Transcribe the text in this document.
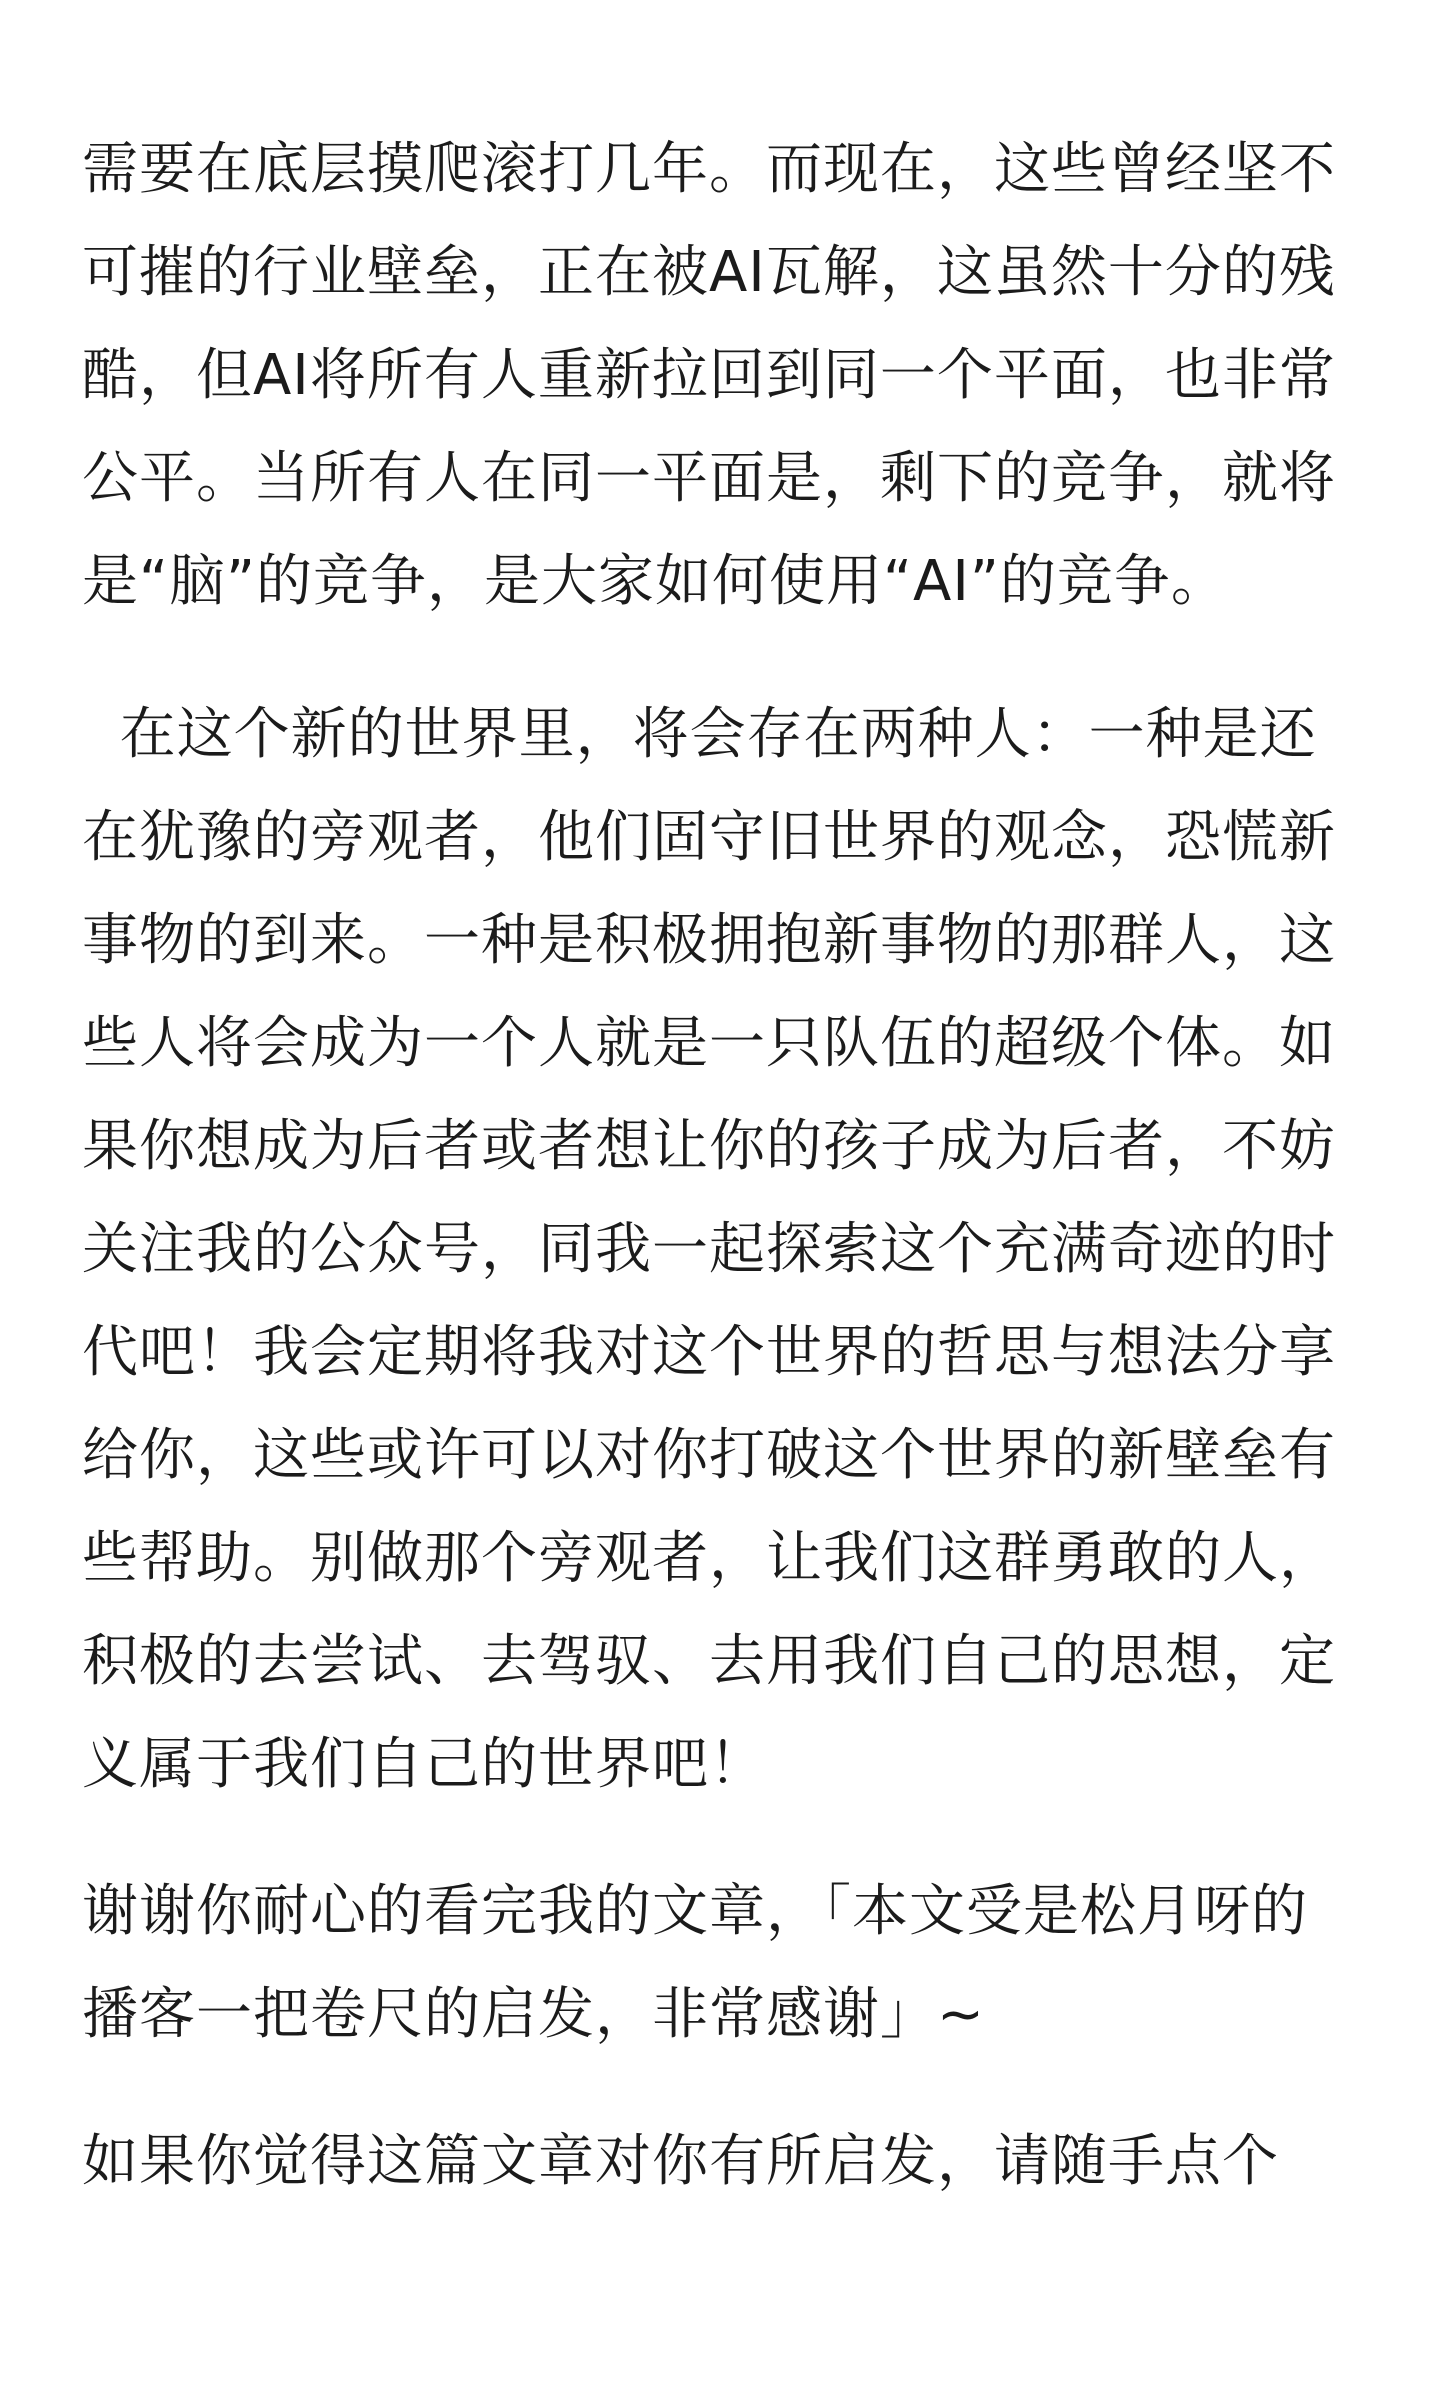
需要在底层摸爬滚打几年。而现在，这些曾经坚不
可摧的行业壁垒，正在被AI瓦解，这虽然十分的残
酷，但AI将所有人重新拉回到同一个平面，也非常
公平。当所有人在同一平面是，剩下的竞争，就将
是“脑”的竞争，是大家如何使用“AI”的竞争。
在这个新的世界里，将会存在两种人：一种是还
在犹豫的旁观者，他们固守旧世界的观念，恐慌新
事物的到来。一种是积极拥抱新事物的那群人，这
些人将会成为一个人就是一只队伍的超级个体。如
果你想成为后者或者想让你的孩子成为后者，不妨
关注我的公众号，同我一起探索这个充满奇迹的时
代吧！我会定期将我对这个世界的哲思与想法分享
给你，这些或许可以对你打破这个世界的新壁垒有
些帮助。别做那个旁观者，让我们这群勇敢的人，
积极的去尝试、去驾驭、去用我们自己的思想，定
义属于我们自己的世界吧！
谢谢你耐心的看完我的文章，「本文受是松月呀的
播客一把卷尺的启发，非常感谢」~
如果你觉得这篇文章对你有所启发，请随手点个
